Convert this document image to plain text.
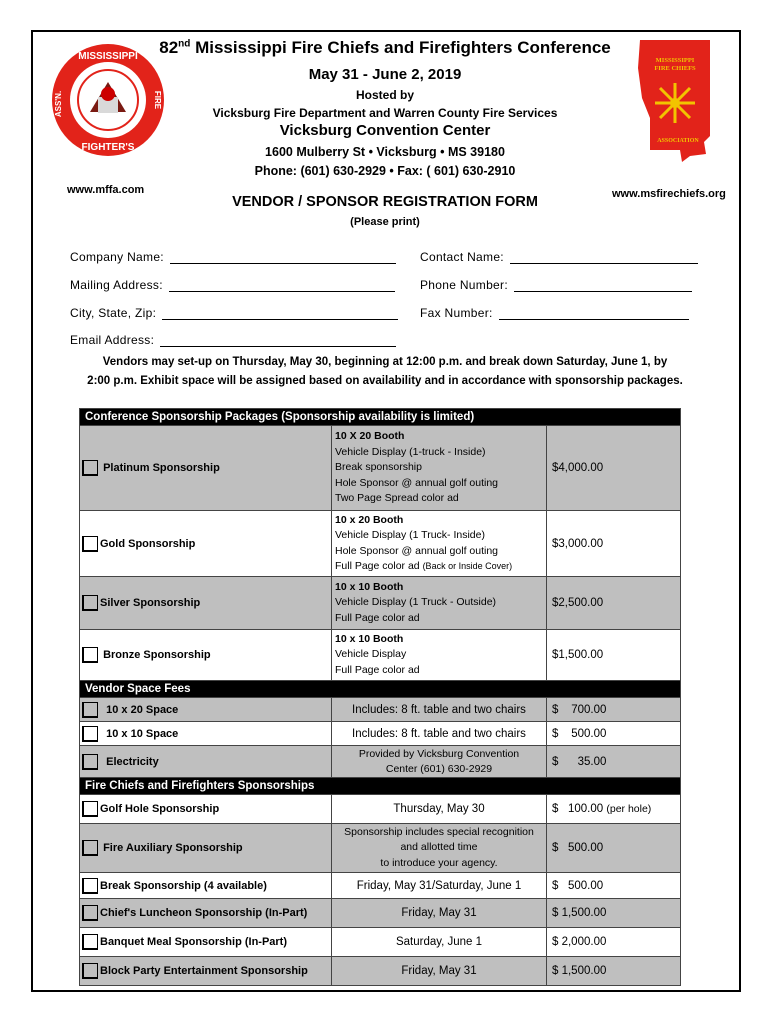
MISSISSIPPI
FIGHTER'S
ASS'N.	FIRE
MISSISSIPPI
FIRE CHIEFS
ASSOCIATION
82nd Mississippi Fire Chiefs and Firefighters Conference
May 31 - June 2, 2019
Hosted by
Vicksburg Fire Department and Warren County Fire Services
Vicksburg Convention Center
1600 Mulberry St • Vicksburg • MS 39180
Phone: (601) 630-2929 • Fax: ( 601) 630-2910
www.mffa.com	www.msfirechiefs.org
VENDOR / SPONSOR REGISTRATION FORM
(Please print)
Company Name:	Contact Name:
Mailing Address:	Phone Number:
City, State, Zip:	Fax Number:
Email Address:
Vendors may set-up on Thursday, May 30, beginning at 12:00 p.m. and break down Saturday, June 1, by
2:00 p.m. Exhibit space will be assigned based on availability and in accordance with sponsorship packages.
Conference Sponsorship Packages (Sponsorship availability is limited)		
Platinum Sponsorship	10 X 20 Booth
Vehicle Display (1-truck - Inside)
Break sponsorship
Hole Sponsor @ annual golf outing
Two Page Spread color ad	$4,000.00
Gold Sponsorship	10 x 20 Booth
Vehicle Display (1 Truck- Inside)
Hole Sponsor @ annual golf outing
Full Page color ad (Back or Inside Cover)	$3,000.00
Silver Sponsorship	10 x 10 Booth
Vehicle Display (1 Truck - Outside)
Full Page color ad	$2,500.00
Bronze Sponsorship	10 x 10 Booth
Vehicle Display
Full Page color ad	$1,500.00
Vendor Space Fees		
10 x 20 Space	Includes: 8 ft. table and two chairs	$ 700.00
10 x 10 Space	Includes: 8 ft. table and two chairs	$ 500.00
Electricity	Provided by Vicksburg Convention
Center (601) 630-2929	$ 35.00
Fire Chiefs and Firefighters Sponsorships		
Golf Hole Sponsorship	Thursday, May 30	$   100.00 (per hole)
Fire Auxiliary Sponsorship	Sponsorship includes special recognition
and allotted time
to introduce your agency.	$   500.00
Break Sponsorship (4 available)	Friday, May 31/Saturday, June 1	$   500.00
Chief's Luncheon Sponsorship (In-Part)	Friday, May 31	$ 1,500.00
Banquet Meal Sponsorship (In-Part)	Saturday, June 1	$ 2,000.00
Block Party Entertainment Sponsorship	Friday, May 31	$ 1,500.00
